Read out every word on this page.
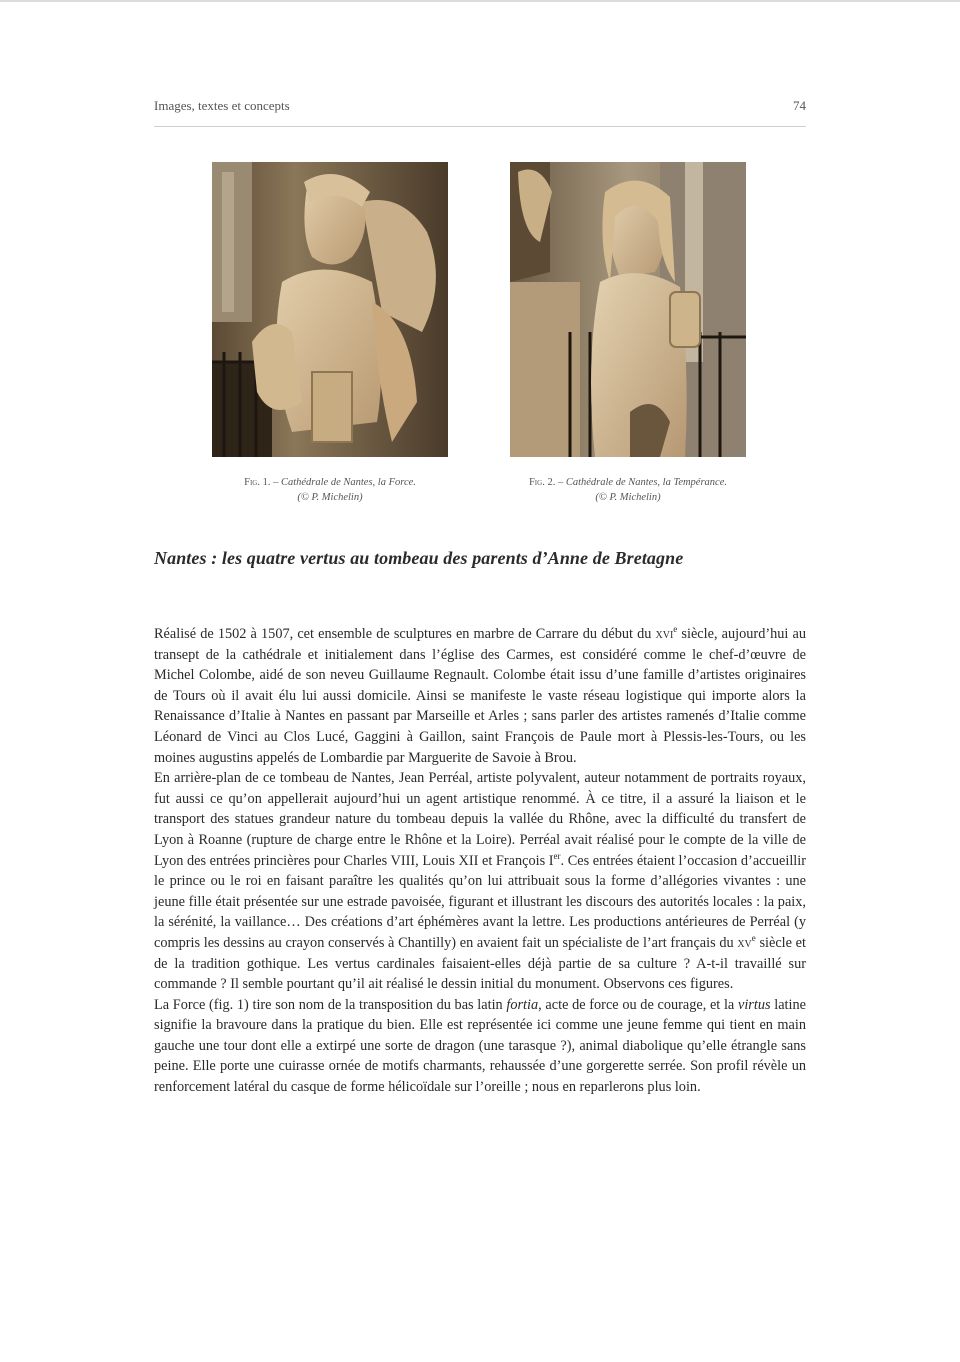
Images, textes et concepts	74
Fig. 1. – Cathédrale de Nantes, la Force.
(© P. Michelin)
Fig. 2. – Cathédrale de Nantes, la Tempérance.
(© P. Michelin)
Nantes : les quatre vertus au tombeau des parents d’Anne de Bretagne

Réalisé de 1502 à 1507, cet ensemble de sculptures en marbre de Carrare du début du xvi$^e$ siècle, aujourd’hui au transept de la cathédrale et initialement dans l’église des Carmes, est considéré comme le chef-d’œuvre de Michel Colombe, aidé de son neveu Guillaume Regnault. Colombe était issu d’une famille d’artistes originaires de Tours où il avait élu lui aussi domicile. Ainsi se manifeste le vaste réseau logistique qui importe alors la Renaissance d’Italie à Nantes en passant par Marseille et Arles ; sans parler des artistes ramenés d’Italie comme Léonard de Vinci au Clos Lucé, Gaggini à Gaillon, saint François de Paule mort à Plessis-les-Tours, ou les moines augustins appelés de Lombardie par Marguerite de Savoie à Brou.

En arrière-plan de ce tombeau de Nantes, Jean Perréal, artiste polyvalent, auteur notamment de portraits royaux, fut aussi ce qu’on appellerait aujourd’hui un agent artistique renommé. À ce titre, il a assuré la liaison et le transport des statues grandeur nature du tombeau depuis la vallée du Rhône, avec la difficulté du transfert de Lyon à Roanne (rupture de charge entre le Rhône et la Loire). Perréal avait réalisé pour le compte de la ville de Lyon des entrées princières pour Charles VIII, Louis XII et François Ier. Ces entrées étaient l’occasion d’accueillir le prince ou le roi en faisant paraître les qualités qu’on lui attribuait sous la forme d’allégories vivantes : une jeune fille était présentée sur une estrade pavoisée, figurant et illustrant les discours des autorités locales : la paix, la sérénité, la vaillance… Des créations d’art éphémères avant la lettre. Les productions antérieures de Perréal (y compris les dessins au crayon conservés à Chantilly) en avaient fait un spécialiste de l’art français du $xv^e$ siècle et de la tradition gothique. Les vertus cardinales faisaient-elles déjà partie de sa culture ? A-t-il travaillé sur commande ? Il semble pourtant qu’il ait réalisé le dessin initial du monument. Observons ces figures.

La Force (fig. 1) tire son nom de la transposition du bas latin fortia, acte de force ou de courage, et la virtus latine signifie la bravoure dans la pratique du bien. Elle est représentée ici comme une jeune femme qui tient en main gauche une tour dont elle a extirpé une sorte de dragon (une tarasque ?), animal diabolique qu’elle étrangle sans peine. Elle porte une cuirasse ornée de motifs charmants, rehaussée d’une gorgerette serrée. Son profil révèle un renforcement latéral du casque de forme hélicoïdale sur l’oreille ; nous en reparlerons plus loin.
